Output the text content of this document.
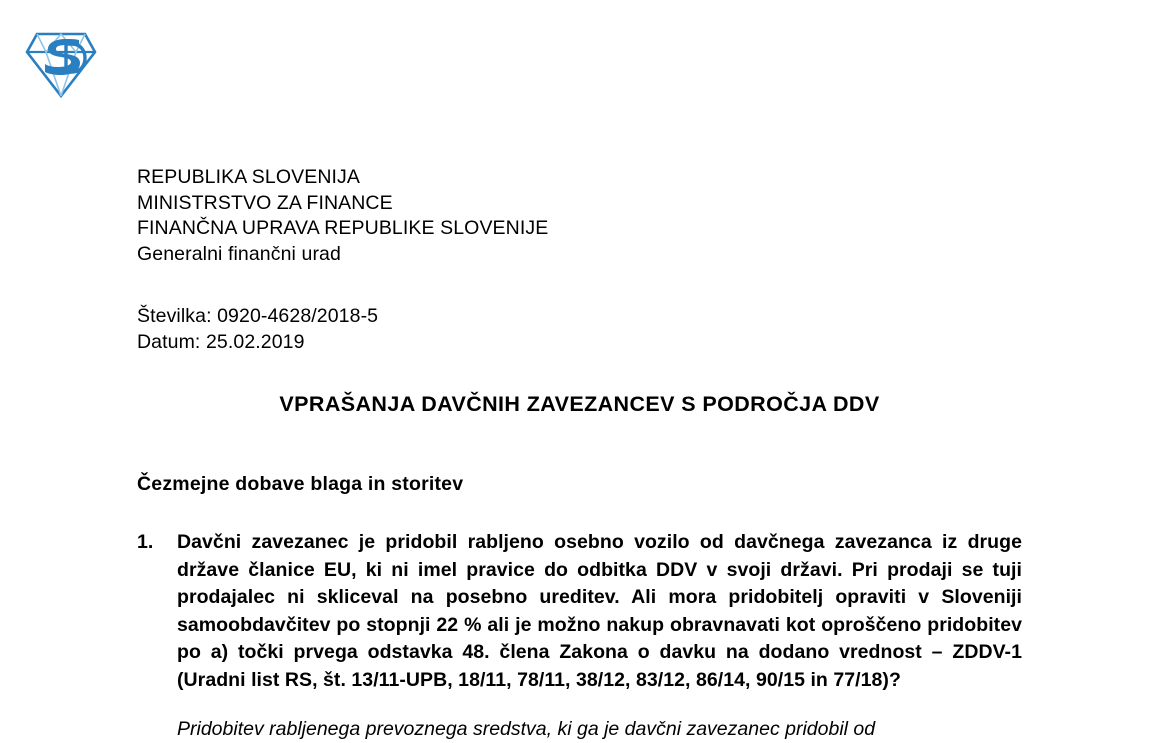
REPUBLIKA SLOVENIJA
MINISTRSTVO ZA FINANCE
FINANČNA UPRAVA REPUBLIKE SLOVENIJE
Generalni finančni urad
Številka: 0920-4628/2018-5
Datum: 25.02.2019
VPRAŠANJA DAVČNIH ZAVEZANCEV S PODROČJA DDV
Čezmejne dobave blaga in storitev
1.	Davčni zavezanec je pridobil rabljeno osebno vozilo od davčnega zavezanca iz druge države članice EU, ki ni imel pravice do odbitka DDV v svoji državi. Pri prodaji se tuji prodajalec ni skliceval na posebno ureditev. Ali mora pridobitelj opraviti v Sloveniji samoobdavčitev po stopnji 22 % ali je možno nakup obravnavati kot oproščeno pridobitev po a) točki prvega odstavka 48. člena Zakona o davku na dodano vrednost – ZDDV-1 (Uradni list RS, št. 13/11-UPB, 18/11, 78/11, 38/12, 83/12, 86/14, 90/15 in 77/18)?
Pridobitev rabljenega prevoznega sredstva, ki ga je davčni zavezanec pridobil od
